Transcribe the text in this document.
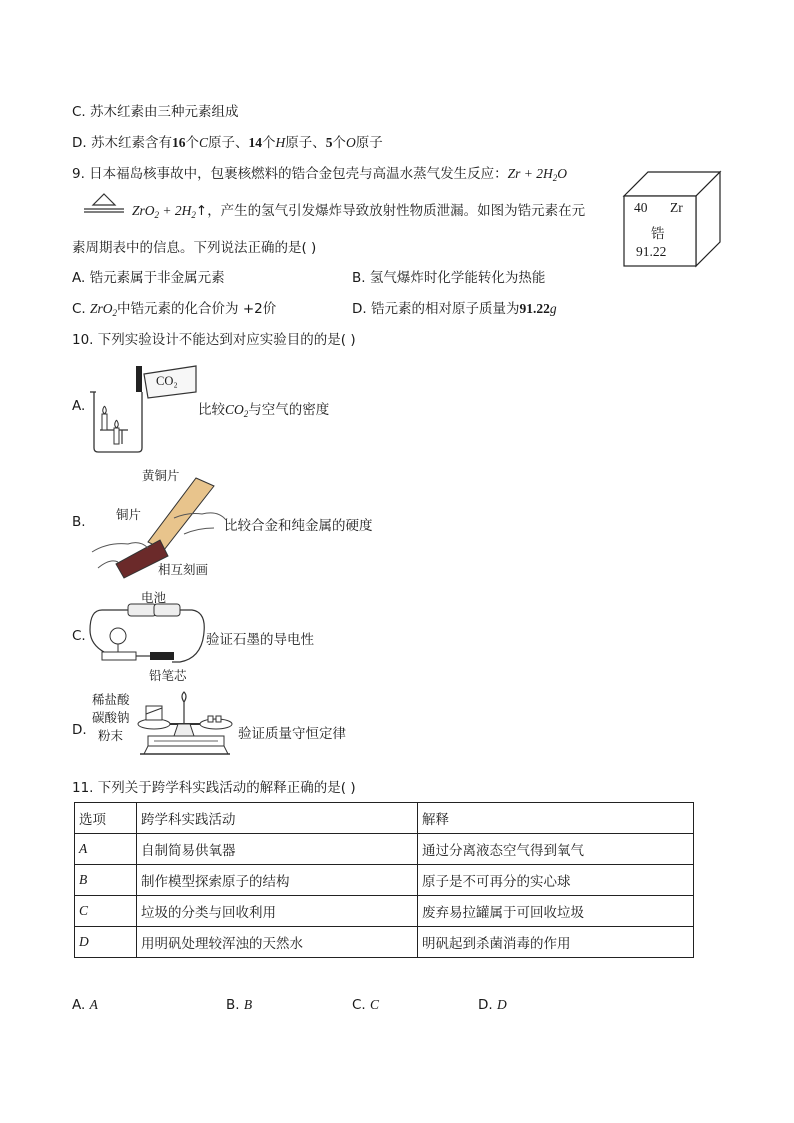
C. 苏木红素由三种元素组成
D. 苏木红素含有16个C原子、14个H原子、5个O原子
9. 日本福岛核事故中，包裹核燃料的锆合金包壳与高温水蒸气发生反应：$Zr + 2H_2O$
$ZrO_2 + 2H_2↑$，产生的氢气引发爆炸导致放射性物质泄漏。如图为锆元素在元
素周期表中的信息。下列说法正确的是( )
40 Zr
锆
91.22
A. 锆元素属于非金属元素	B. 氢气爆炸时化学能转化为热能
C. ZrO$_2$中锆元素的化合价为 +2价	D. 锆元素的相对原子质量为91.22g
10. 下列实验设计不能达到对应实验目的的是( )
A.
CO₂
比较$CO_2$与空气的密度
B.
黄铜片
铜片
相互刻画
比较合金和纯金属的硬度
C.
电池
铅笔芯
验证石墨的导电性
D.
稀盐酸
碳酸钠
粉末	验证质量守恒定律
11. 下列关于跨学科实践活动的解释正确的是( )
选项	跨学科实践活动	解释
A	自制简易供氧器	通过分离液态空气得到氧气
B	制作模型探索原子的结构	原子是不可再分的实心球
C	垃圾的分类与回收利用	废弃易拉罐属于可回收垃圾
D	用明矾处理较浑浊的天然水	明矾起到杀菌消毒的作用
A. A	B. B	C. C	D. D
